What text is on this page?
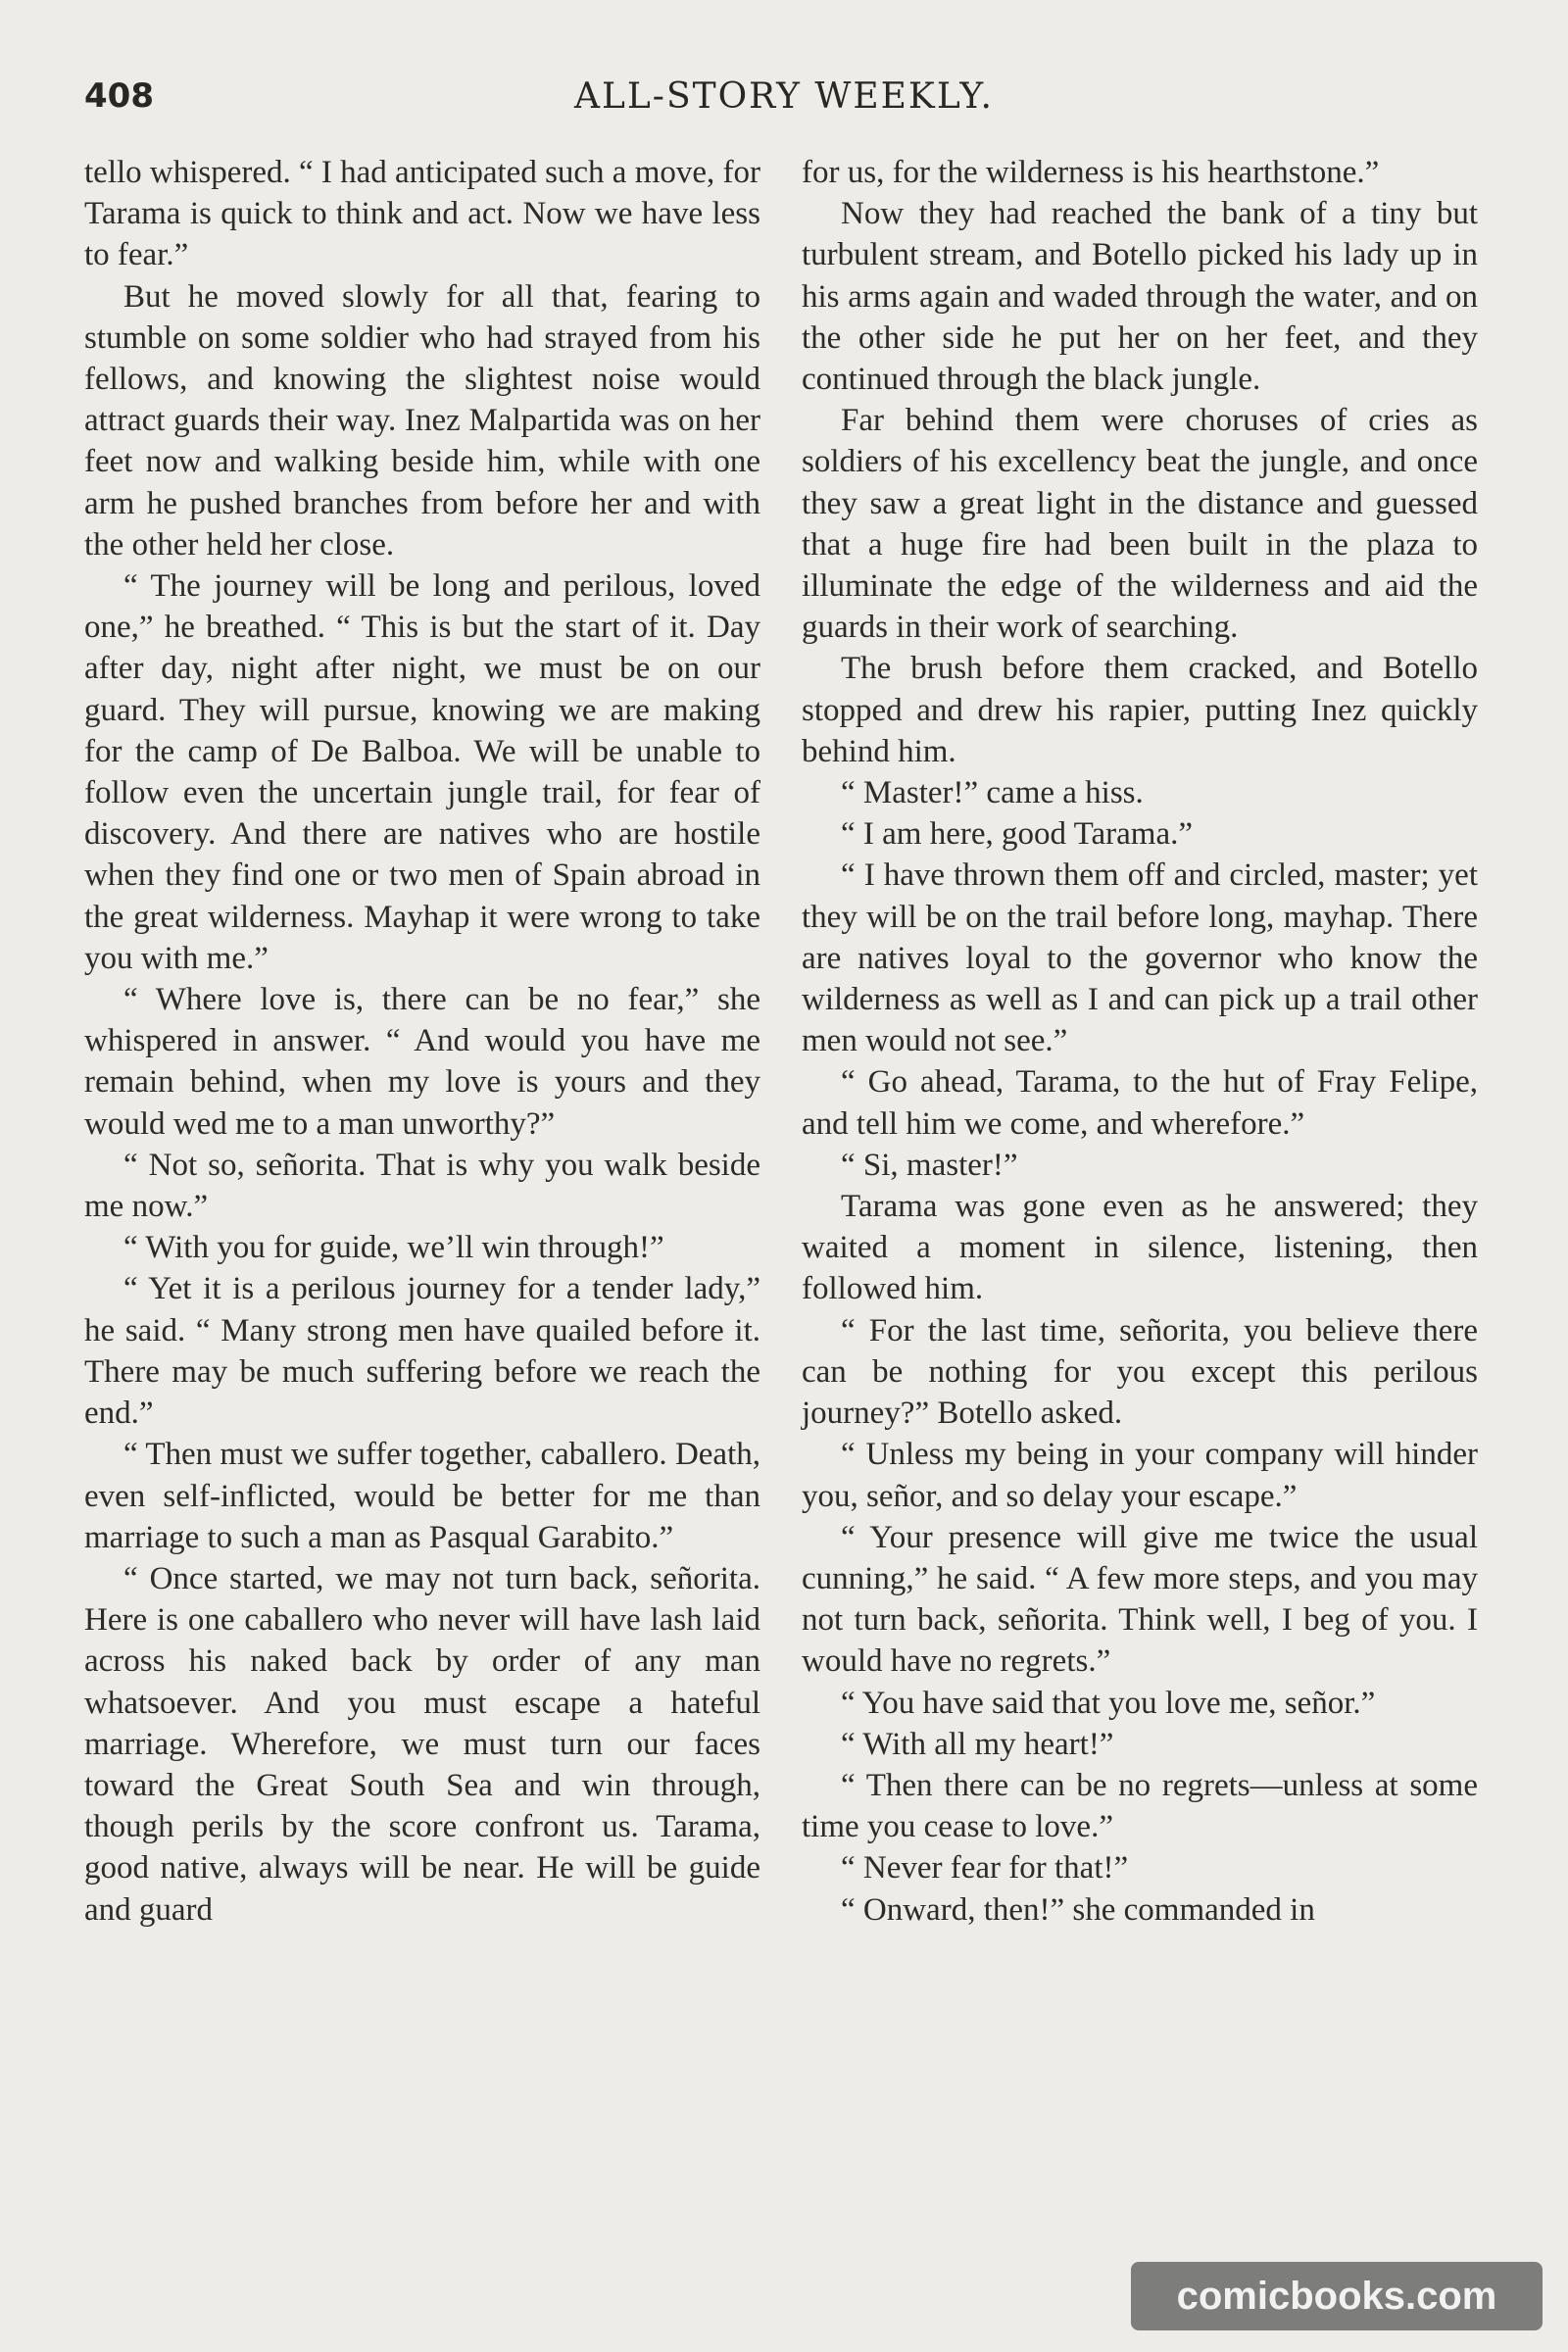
408	ALL-STORY WEEKLY.

tello whispered. “ I had anticipated such a move, for Tarama is quick to think and act. Now we have less to fear.”

But he moved slowly for all that, fearing to stumble on some soldier who had strayed from his fellows, and knowing the slightest noise would attract guards their way. Inez Malpartida was on her feet now and walking beside him, while with one arm he pushed branches from before her and with the other held her close.

“ The journey will be long and perilous, loved one,” he breathed. “ This is but the start of it. Day after day, night after night, we must be on our guard. They will pursue, knowing we are making for the camp of De Balboa. We will be unable to follow even the uncertain jungle trail, for fear of discovery. And there are natives who are hostile when they find one or two men of Spain abroad in the great wilderness. Mayhap it were wrong to take you with me.”

“ Where love is, there can be no fear,” she whispered in answer. “ And would you have me remain behind, when my love is yours and they would wed me to a man unworthy?”

“ Not so, señorita. That is why you walk beside me now.”

“ With you for guide, we’ll win through!”

“ Yet it is a perilous journey for a tender lady,” he said. “ Many strong men have quailed before it. There may be much suffering before we reach the end.”

“ Then must we suffer together, caballero. Death, even self-inflicted, would be better for me than marriage to such a man as Pasqual Garabito.”

“ Once started, we may not turn back, señorita. Here is one caballero who never will have lash laid across his naked back by order of any man whatsoever. And you must escape a hateful marriage. Wherefore, we must turn our faces toward the Great South Sea and win through, though perils by the score confront us. Tarama, good native, always will be near. He will be guide and guard

for us, for the wilderness is his hearthstone.”

Now they had reached the bank of a tiny but turbulent stream, and Botello picked his lady up in his arms again and waded through the water, and on the other side he put her on her feet, and they continued through the black jungle.

Far behind them were choruses of cries as soldiers of his excellency beat the jungle, and once they saw a great light in the distance and guessed that a huge fire had been built in the plaza to illuminate the edge of the wilderness and aid the guards in their work of searching.

The brush before them cracked, and Botello stopped and drew his rapier, putting Inez quickly behind him.

“ Master!” came a hiss.

“ I am here, good Tarama.”

“ I have thrown them off and circled, master; yet they will be on the trail before long, mayhap. There are natives loyal to the governor who know the wilderness as well as I and can pick up a trail other men would not see.”

“ Go ahead, Tarama, to the hut of Fray Felipe, and tell him we come, and wherefore.”

“ Si, master!”

Tarama was gone even as he answered; they waited a moment in silence, listening, then followed him.

“ For the last time, señorita, you believe there can be nothing for you except this perilous journey?” Botello asked.

“ Unless my being in your company will hinder you, señor, and so delay your escape.”

“ Your presence will give me twice the usual cunning,” he said. “ A few more steps, and you may not turn back, señorita. Think well, I beg of you. I would have no regrets.”

“ You have said that you love me, señor.”

“ With all my heart!”

“ Then there can be no regrets—unless at some time you cease to love.”

“ Never fear for that!”

“ Onward, then!” she commanded in

comicbooks.com
